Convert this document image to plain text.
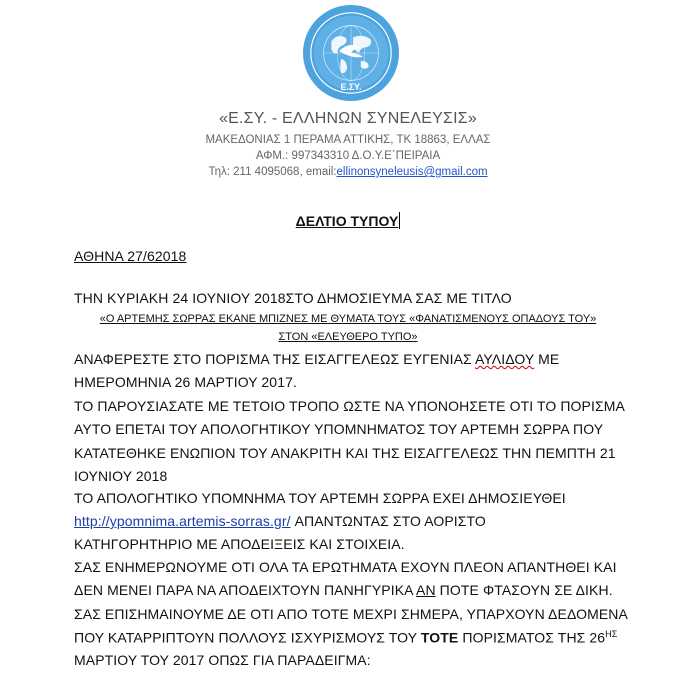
Ε.ΣΥ.
«Ε.ΣΥ. - ΕΛΛΗΝΩΝ ΣΥΝΕΛΕΥΣΙΣ»
ΜΑΚΕΔΟΝΙΑΣ 1 ΠΕΡΑΜΑ ΑΤΤΙΚΗΣ, ΤΚ 18863, ΕΛΛΑΣ
ΑΦΜ.: 997343310 Δ.Ο.Υ.Ε΄ΠΕΙΡΑΙΑ
Τηλ: 211 4095068, email:ellinonsyneleusis@gmail.com
ΔΕΛΤΙΟ ΤΥΠΟΥ
ΑΘΗΝΑ 27/62018
ΤΗΝ ΚΥΡΙΑΚΗ 24 ΙΟΥΝΙΟΥ 2018ΣΤΟ ΔΗΜΟΣΙΕΥΜΑ ΣΑΣ ΜΕ ΤΙΤΛΟ
«Ο ΑΡΤΕΜΗΣ ΣΩΡΡΑΣ ΕΚΑΝΕ ΜΠΙΖΝΕΣ ΜΕ ΘΥΜΑΤΑ ΤΟΥΣ «ΦΑΝΑΤΙΣΜΕΝΟΥΣ ΟΠΑΔΟΥΣ ΤΟΥ»
ΣΤΟΝ «ΕΛΕΥΘΕΡΟ ΤΥΠΟ»
ΑΝΑΦΕΡΕΣΤΕ ΣΤΟ ΠΟΡΙΣΜΑ ΤΗΣ ΕΙΣΑΓΓΕΛΕΩΣ ΕΥΓΕΝΙΑΣ ΑΥΛΙΔΟΥ ΜΕ
ΗΜΕΡΟΜΗΝΙΑ 26 ΜΑΡΤΙΟΥ 2017.
ΤΟ ΠΑΡΟΥΣΙΑΣΑΤΕ ΜΕ ΤΕΤΟΙΟ ΤΡΟΠΟ ΩΣΤΕ ΝΑ ΥΠΟΝΟΗΣΕΤΕ ΟΤΙ ΤΟ ΠΟΡΙΣΜΑ
ΑΥΤΟ ΕΠΕΤΑΙ ΤΟΥ ΑΠΟΛΟΓΗΤΙΚΟΥ ΥΠΟΜΝΗΜΑΤΟΣ ΤΟΥ ΑΡΤΕΜΗ ΣΩΡΡΑ ΠΟΥ
ΚΑΤΑΤΕΘΗΚΕ ΕΝΩΠΙΟΝ ΤΟΥ ΑΝΑΚΡΙΤΗ ΚΑΙ ΤΗΣ ΕΙΣΑΓΓΕΛΕΩΣ ΤΗΝ ΠΕΜΠΤΗ 21
ΙΟΥΝΙΟΥ 2018
ΤΟ ΑΠΟΛΟΓΗΤΙΚΟ ΥΠΟΜΝΗΜΑ ΤΟΥ ΑΡΤΕΜΗ ΣΩΡΡΑ ΕΧΕΙ ΔΗΜΟΣΙΕΥΘΕΙ
http://ypomnima.artemis-sorras.gr/ ΑΠΑΝΤΩΝΤΑΣ ΣΤΟ ΑΟΡΙΣΤΟ
ΚΑΤΗΓΟΡΗΤΗΡΙΟ ΜΕ ΑΠΟΔΕΙΞΕΙΣ ΚΑΙ ΣΤΟΙΧΕΙΑ.
ΣΑΣ ΕΝΗΜΕΡΩΝΟΥΜΕ ΟΤΙ ΟΛΑ ΤΑ ΕΡΩΤΗΜΑΤΑ ΕΧΟΥΝ ΠΛΕΟΝ ΑΠΑΝΤΗΘΕΙ ΚΑΙ
ΔΕΝ ΜΕΝΕΙ ΠΑΡΑ ΝΑ ΑΠΟΔΕΙΧΤΟΥΝ ΠΑΝΗΓΥΡΙΚΑ ΑΝ ΠΟΤΕ ΦΤΑΣΟΥΝ ΣΕ ΔΙΚΗ.
ΣΑΣ ΕΠΙΣΗΜΑΙΝΟΥΜΕ ΔΕ ΟΤΙ ΑΠΟ ΤΟΤΕ ΜΕΧΡΙ ΣΗΜΕΡΑ, ΥΠΑΡΧΟΥΝ ΔΕΔΟΜΕΝΑ
ΠΟΥ ΚΑΤΑΡΡΙΠΤΟΥΝ ΠΟΛΛΟΥΣ ΙΣΧΥΡΙΣΜΟΥΣ ΤΟΥ ΤΟΤΕ ΠΟΡΙΣΜΑΤΟΣ ΤΗΣ $26^{H\Sigma}$
ΜΑΡΤΙΟΥ ΤΟΥ 2017 ΟΠΩΣ ΓΙΑ ΠΑΡΑΔΕΙΓΜΑ:
